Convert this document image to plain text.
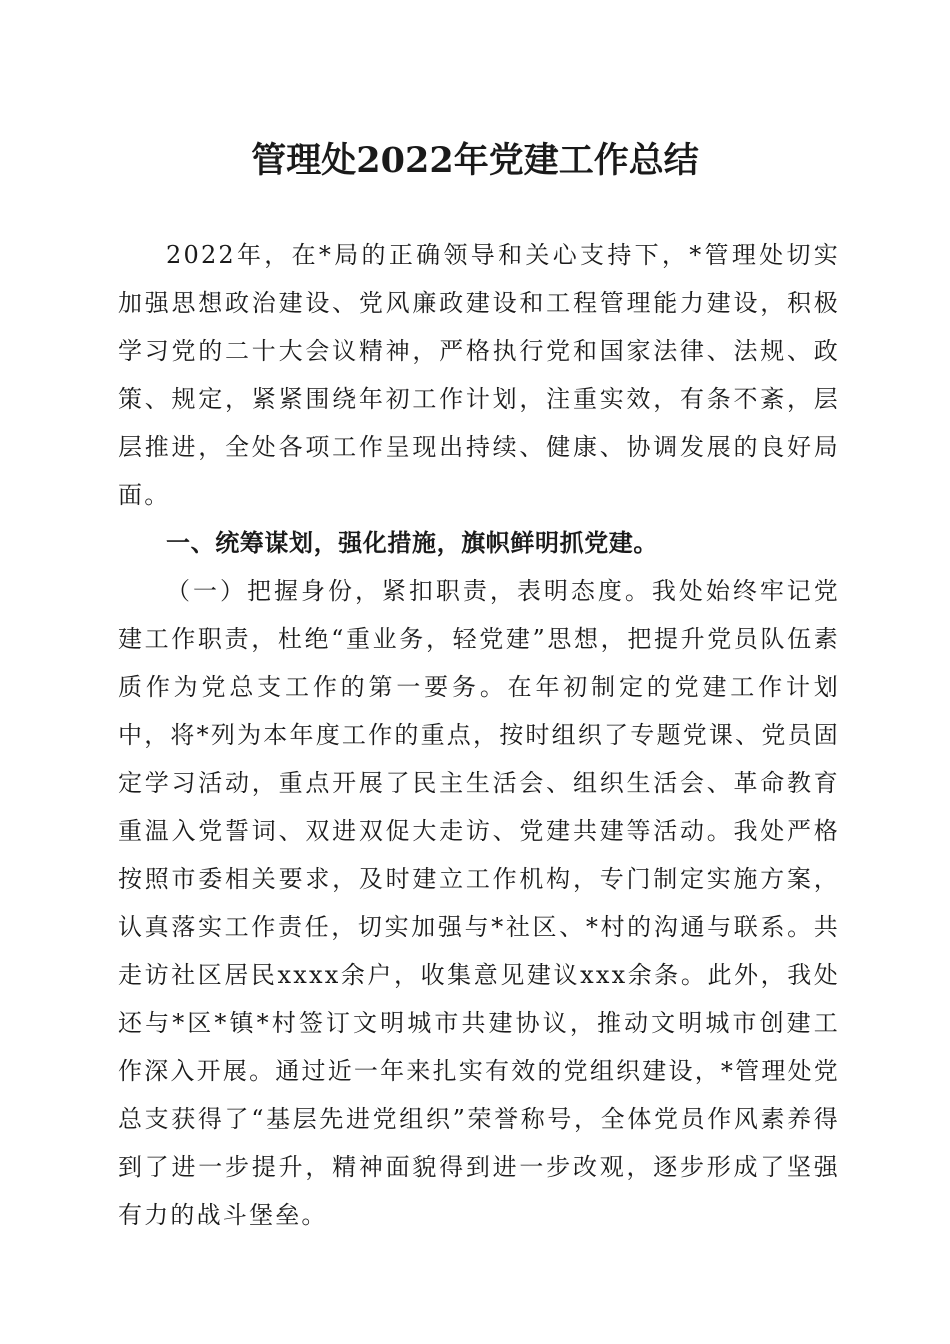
管理处2022年党建工作总结

2022年，在*局的正确领导和关心支持下，*管理处切实加强思想政治建设、党风廉政建设和工程管理能力建设，积极学习党的二十大会议精神，严格执行党和国家法律、法规、政策、规定，紧紧围绕年初工作计划，注重实效，有条不紊，层层推进，全处各项工作呈现出持续、健康、协调发展的良好局面。

一、统筹谋划，强化措施，旗帜鲜明抓党建。

（一）把握身份，紧扣职责，表明态度。我处始终牢记党建工作职责，杜绝“重业务，轻党建”思想，把提升党员队伍素质作为党总支工作的第一要务。在年初制定的党建工作计划中，将*列为本年度工作的重点，按时组织了专题党课、党员固定学习活动，重点开展了民主生活会、组织生活会、革命教育重温入党誓词、双进双促大走访、党建共建等活动。我处严格按照市委相关要求，及时建立工作机构，专门制定实施方案，认真落实工作责任，切实加强与*社区、*村的沟通与联系。共走访社区居民xxxx余户，收集意见建议xxx余条。此外，我处还与*区*镇*村签订文明城市共建协议，推动文明城市创建工作深入开展。通过近一年来扎实有效的党组织建设，*管理处党总支获得了“基层先进党组织”荣誉称号，全体党员作风素养得到了进一步提升，精神面貌得到进一步改观，逐步形成了坚强有力的战斗堡垒。
